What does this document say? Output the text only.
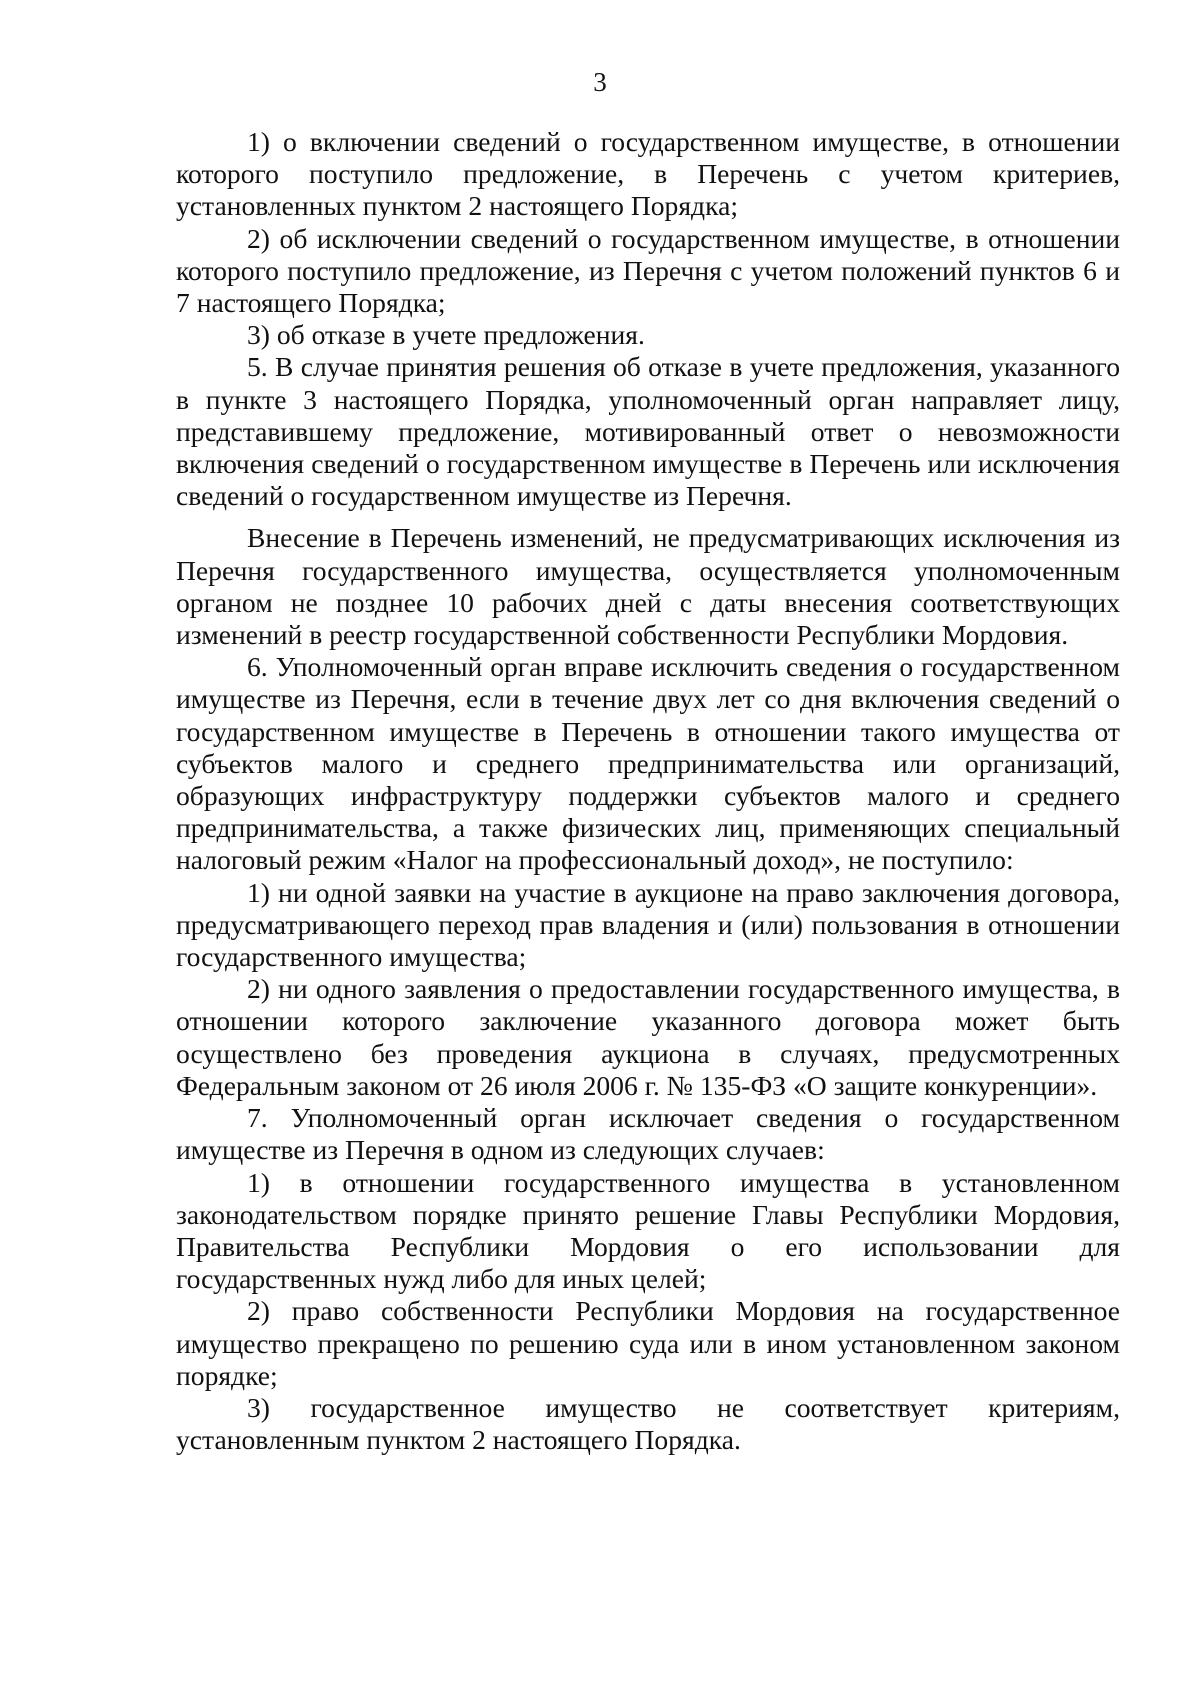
3

1) о включении сведений о государственном имуществе, в отношении которого поступило предложение, в Перечень с учетом критериев, установленных пунктом 2 настоящего Порядка;

2) об исключении сведений о государственном имуществе, в отношении которого поступило предложение, из Перечня с учетом положений пунктов 6 и 7 настоящего Порядка;

3) об отказе в учете предложения.

5. В случае принятия решения об отказе в учете предложения, указанного в пункте 3 настоящего Порядка, уполномоченный орган направляет лицу, представившему предложение, мотивированный ответ о невозможности включения сведений о государственном имуществе в Перечень или исключения сведений о государственном имуществе из Перечня.

Внесение в Перечень изменений, не предусматривающих исключения из Перечня государственного имущества, осуществляется уполномоченным органом не позднее 10 рабочих дней с даты внесения соответствующих изменений в реестр государственной собственности Республики Мордовия.

6. Уполномоченный орган вправе исключить сведения о государственном имуществе из Перечня, если в течение двух лет со дня включения сведений о государственном имуществе в Перечень в отношении такого имущества от субъектов малого и среднего предпринимательства или организаций, образующих инфраструктуру поддержки субъектов малого и среднего предпринимательства, а также физических лиц, применяющих специальный налоговый режим «Налог на профессиональный доход», не поступило:

1) ни одной заявки на участие в аукционе на право заключения договора, предусматривающего переход прав владения и (или) пользования в отношении государственного имущества;

2) ни одного заявления о предоставлении государственного имущества, в отношении которого заключение указанного договора может быть осуществлено без проведения аукциона в случаях, предусмотренных Федеральным законом от 26 июля 2006 г. № 135-ФЗ «О защите конкуренции».

7. Уполномоченный орган исключает сведения о государственном имуществе из Перечня в одном из следующих случаев:

1) в отношении государственного имущества в установленном законодательством порядке принято решение Главы Республики Мордовия, Правительства Республики Мордовия о его использовании для государственных нужд либо для иных целей;

2) право собственности Республики Мордовия на государственное имущество прекращено по решению суда или в ином установленном законом порядке;

3) государственное имущество не соответствует критериям, установленным пунктом 2 настоящего Порядка.
